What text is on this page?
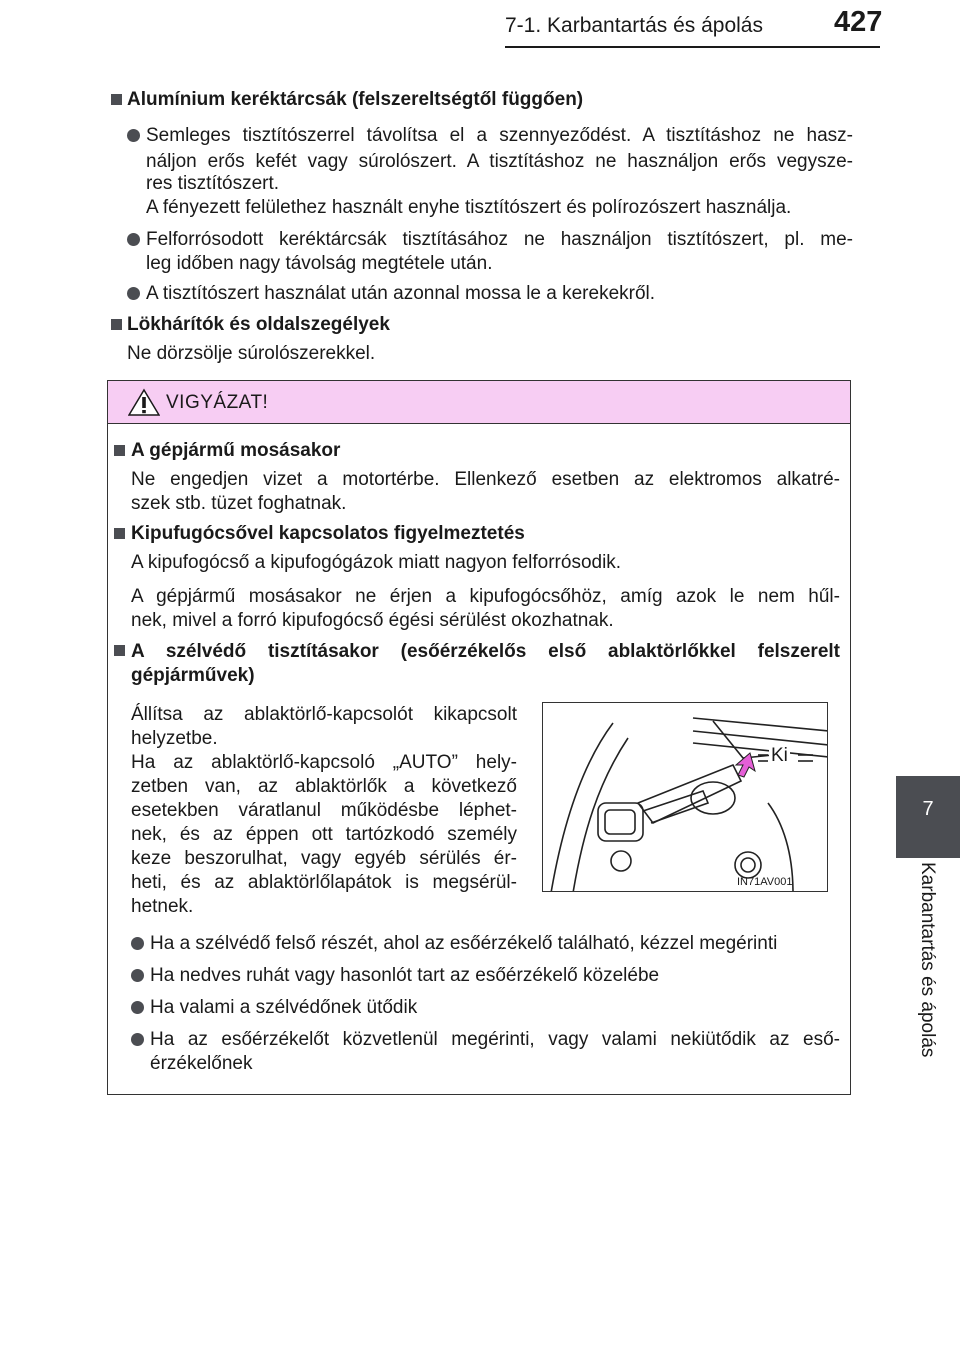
7-1. Karbantartás és ápolás 427
7
Karbantartás és ápolás
Alumínium keréktárcsák (felszereltségtől függően)
Semleges tisztítószerrel távolítsa el a szennyeződést. A tisztításhoz ne hasz-
náljon erős kefét vagy súrolószert. A tisztításhoz ne használjon erős vegysze-
res tisztítószert.
A fényezett felülethez használt enyhe tisztítószert és polírozószert használja.
Felforrósodott keréktárcsák tisztításához ne használjon tisztítószert, pl. me-
leg időben nagy távolság megtétele után.
A tisztítószert használat után azonnal mossa le a kerekekről.
Lökhárítók és oldalszegélyek
Ne dörzsölje súrolószerekkel.
VIGYÁZAT!
A gépjármű mosásakor
Ne engedjen vizet a motortérbe. Ellenkező esetben az elektromos alkatré-
szek stb. tüzet foghatnak.
Kipufugócsővel kapcsolatos figyelmeztetés
A kipufogócső a kipufogógázok miatt nagyon felforrósodik.
A gépjármű mosásakor ne érjen a kipufogócsőhöz, amíg azok le nem hűl-
nek, mivel a forró kipufogócső égési sérülést okozhatnak.
A szélvédő tisztításakor (esőérzékelős első ablaktörlőkkel felszerelt
gépjárművek)
Állítsa az ablaktörlő-kapcsolót kikapcsolt
helyzetbe.
Ha az ablaktörlő-kapcsoló „AUTO” hely-
zetben van, az ablaktörlők a következő
esetekben váratlanul működésbe léphet-
nek, és az éppen ott tartózkodó személy
keze beszorulhat, vagy egyéb sérülés ér-
heti, és az ablaktörlőlapátok is megsérül-
hetnek.
Ki
IN71AV001
Ha a szélvédő felső részét, ahol az esőérzékelő található, kézzel megérinti
Ha nedves ruhát vagy hasonlót tart az esőérzékelő közelébe
Ha valami a szélvédőnek ütődik
Ha az esőérzékelőt közvetlenül megérinti, vagy valami nekiütődik az eső-
érzékelőnek
